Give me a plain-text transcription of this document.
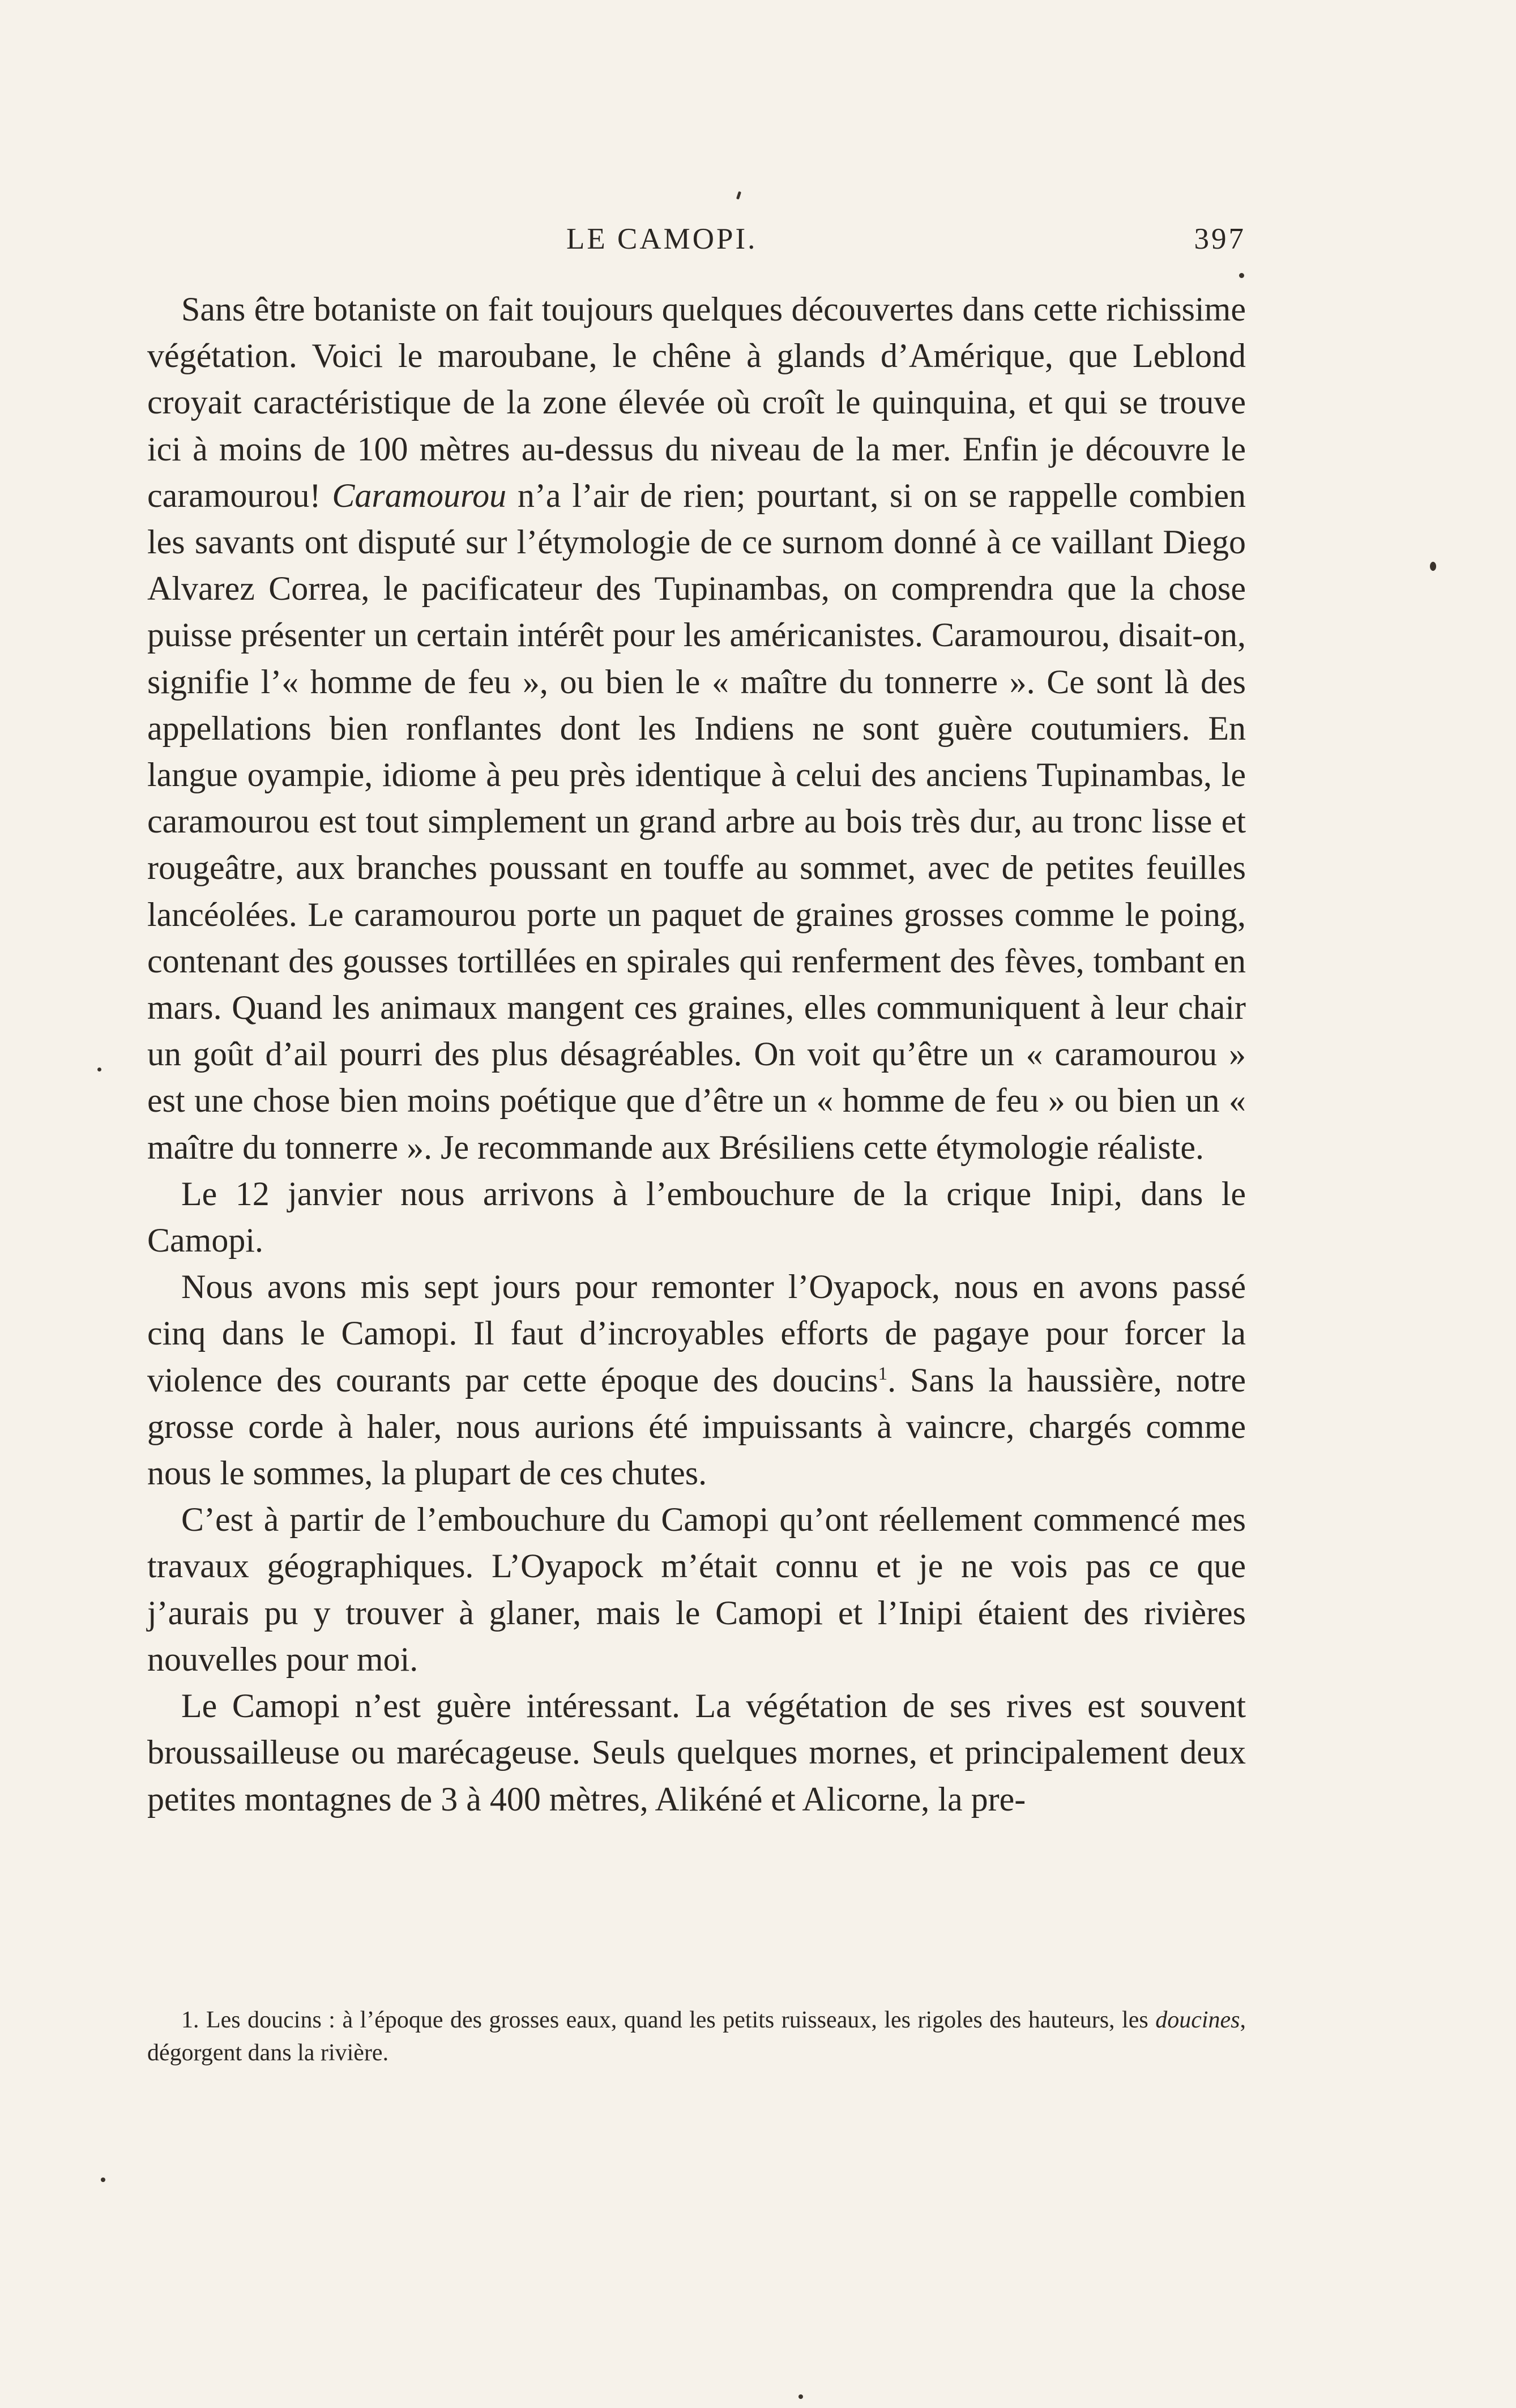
LE CAMOPI.	397

Sans être botaniste on fait toujours quelques découvertes dans cette richissime végétation. Voici le maroubane, le chêne à glands d’Amérique, que Leblond croyait caractéristique de la zone élevée où croît le quinquina, et qui se trouve ici à moins de 100 mètres au-dessus du niveau de la mer. Enfin je découvre le caramourou! Caramourou n’a l’air de rien; pourtant, si on se rappelle combien les savants ont disputé sur l’étymologie de ce surnom donné à ce vaillant Diego Alvarez Correa, le pacificateur des Tupinambas, on comprendra que la chose puisse présenter un certain intérêt pour les américanistes. Caramourou, disait-on, signifie l’« homme de feu », ou bien le « maître du tonnerre ». Ce sont là des appellations bien ronflantes dont les Indiens ne sont guère coutumiers. En langue oyampie, idiome à peu près identique à celui des anciens Tupinambas, le caramourou est tout simplement un grand arbre au bois très dur, au tronc lisse et rougeâtre, aux branches poussant en touffe au sommet, avec de petites feuilles lancéolées. Le caramourou porte un paquet de graines grosses comme le poing, contenant des gousses tortillées en spirales qui renferment des fèves, tombant en mars. Quand les animaux mangent ces graines, elles communiquent à leur chair un goût d’ail pourri des plus désagréables. On voit qu’être un « caramourou » est une chose bien moins poétique que d’être un « homme de feu » ou bien un « maître du tonnerre ». Je recommande aux Brésiliens cette étymologie réaliste.

Le 12 janvier nous arrivons à l’embouchure de la crique Inipi, dans le Camopi.

Nous avons mis sept jours pour remonter l’Oyapock, nous en avons passé cinq dans le Camopi. Il faut d’incroyables efforts de pagaye pour forcer la violence des courants par cette époque des doucins$^1$. Sans la haussière, notre grosse corde à haler, nous aurions été impuissants à vaincre, chargés comme nous le sommes, la plupart de ces chutes.

C’est à partir de l’embouchure du Camopi qu’ont réellement commencé mes travaux géographiques. L’Oyapock m’était connu et je ne vois pas ce que j’aurais pu y trouver à glaner, mais le Camopi et l’Inipi étaient des rivières nouvelles pour moi.

Le Camopi n’est guère intéressant. La végétation de ses rives est souvent broussailleuse ou marécageuse. Seuls quelques mornes, et principalement deux petites montagnes de 3 à 400 mètres, Alikéné et Alicorne, la pre-

1. Les doucins : à l’époque des grosses eaux, quand les petits ruisseaux, les rigoles des hauteurs, les doucines, dégorgent dans la rivière.
